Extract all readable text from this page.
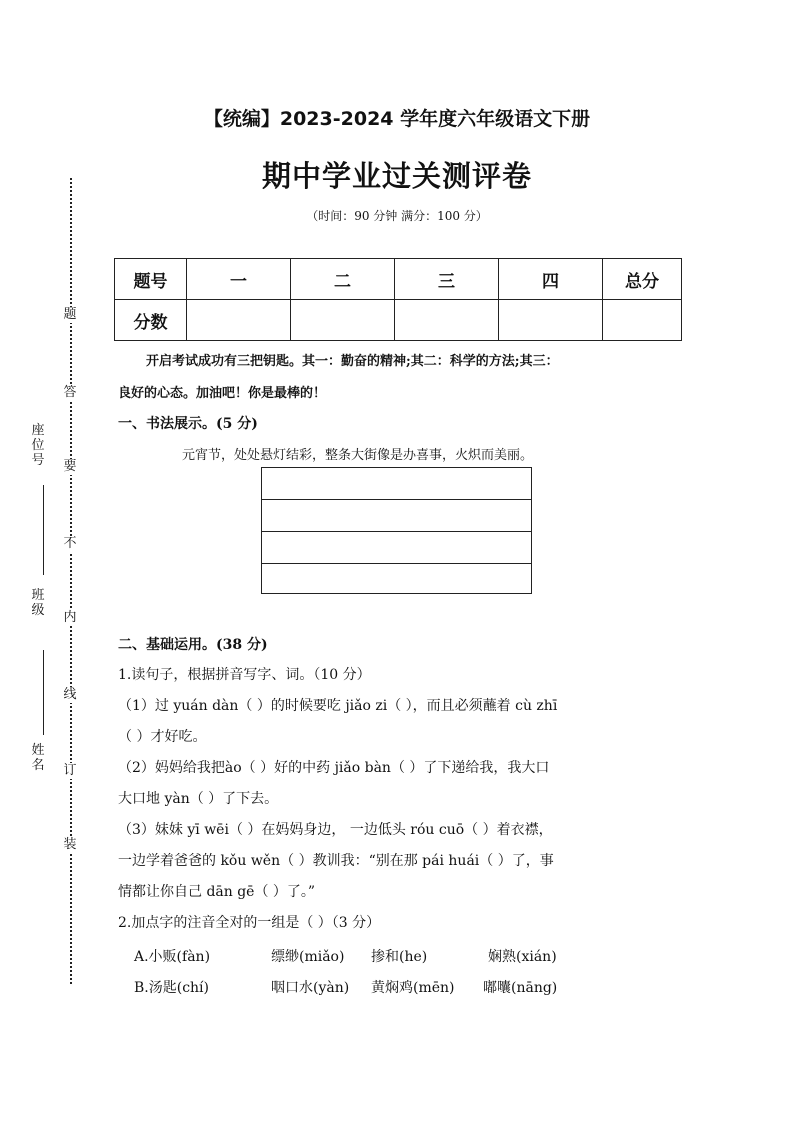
题
答
要
不
内
线
订
装
座位号
班级
姓名
【统编】2023-2024 学年度六年级语文下册
期中学业过关测评卷
（时间：90 分钟 满分：100 分）
题号	一	二	三	四	总分
分数					
开启考试成功有三把钥匙。其一：勤奋的精神;其二：科学的方法;其三：
良好的心态。加油吧！你是最棒的！
一、书法展示。(5 分)
元宵节，处处悬灯结彩，整条大街像是办喜事，火炽而美丽。
二、基础运用。(38 分)
1.读句子，根据拼音写字、词。（10 分）
（1）过 yuán dàn（ ）的时候要吃 jiǎo zi（ ），而且必须蘸着 cù zhī
（ ）才好吃。
（2）妈妈给我把ào（ ）好的中药 jiǎo bàn（ ）了下递给我，我大口
大口地 yàn（ ）了下去。
（3）妹妹 yī wēi（ ）在妈妈身边， 一边低头 róu cuō（ ）着衣襟，
一边学着爸爸的 kǒu wěn（ ）教训我：“别在那 pái huái（ ）了，事
情都让你自己 dān gē（ ）了。”
2.加点字的注音全对的一组是（ ）（3 分）
A.小贩(fàn)	缥缈(miǎo) 掺和(he)	娴熟(xián)
B.汤匙(chí)	咽口水(yàn) 黄焖鸡(mēn) 嘟囔(nāng)
